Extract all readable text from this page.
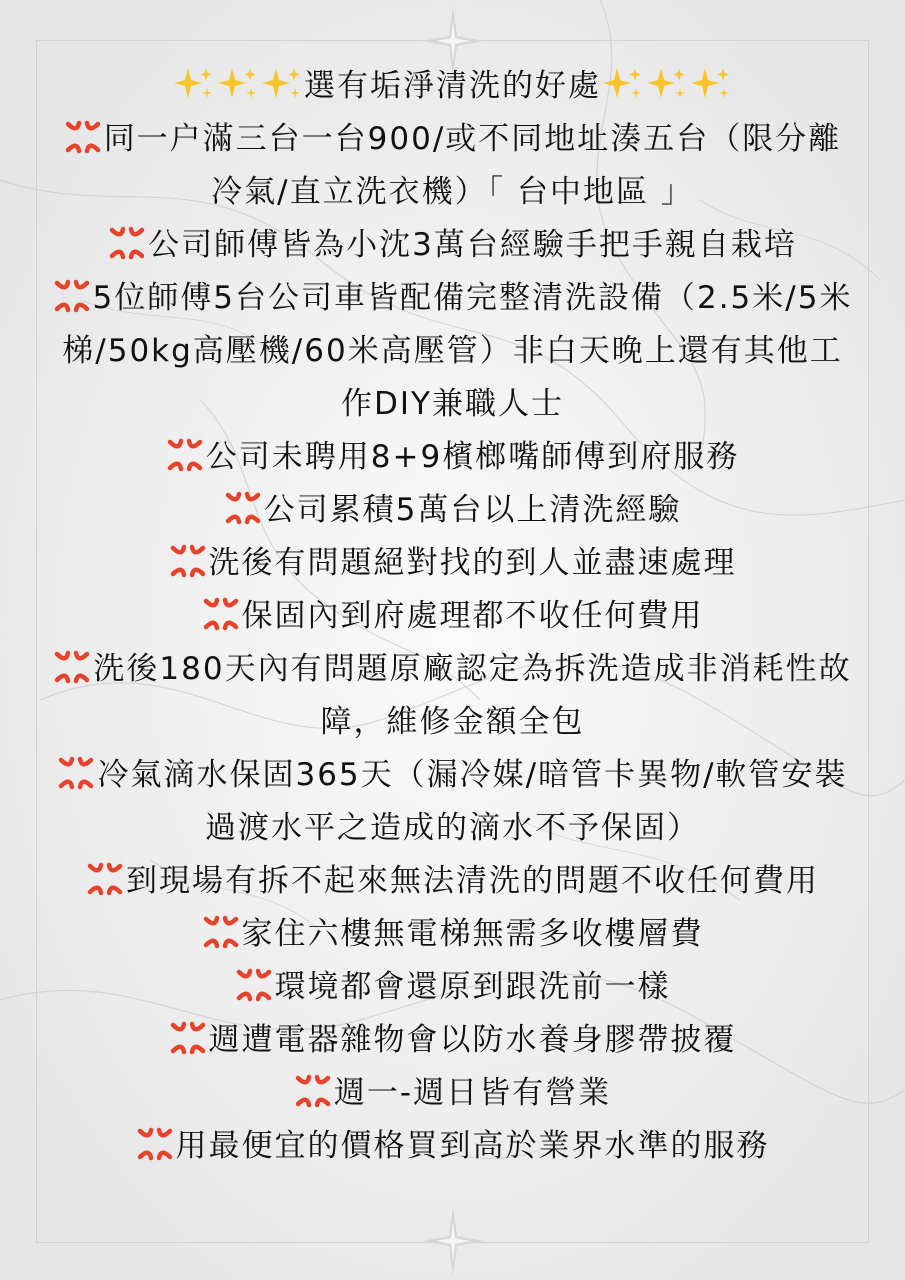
選有垢淨清洗的好處

同一户滿三台一台900/或不同地址湊五台（限分離冷氣/直立洗衣機）「 台中地區 」

公司師傅皆為小沈3萬台經驗手把手親自栽培

5位師傅5台公司車皆配備完整清洗設備（2.5米/5米梯/50kg高壓機/60米高壓管）非白天晚上還有其他工作DIY兼職人士

公司未聘用8+9檳榔嘴師傅到府服務

公司累積5萬台以上清洗經驗

洗後有問題絕對找的到人並盡速處理

保固內到府處理都不收任何費用

洗後180天內有問題原廠認定為拆洗造成非消耗性故障，維修金額全包

冷氣滴水保固365天（漏冷媒/暗管卡異物/軟管安裝過渡水平之造成的滴水不予保固）

到現場有拆不起來無法清洗的問題不收任何費用

家住六樓無電梯無需多收樓層費

環境都會還原到跟洗前一樣

週遭電器雜物會以防水養身膠帶披覆

週一-週日皆有營業

用最便宜的價格買到高於業界水準的服務
